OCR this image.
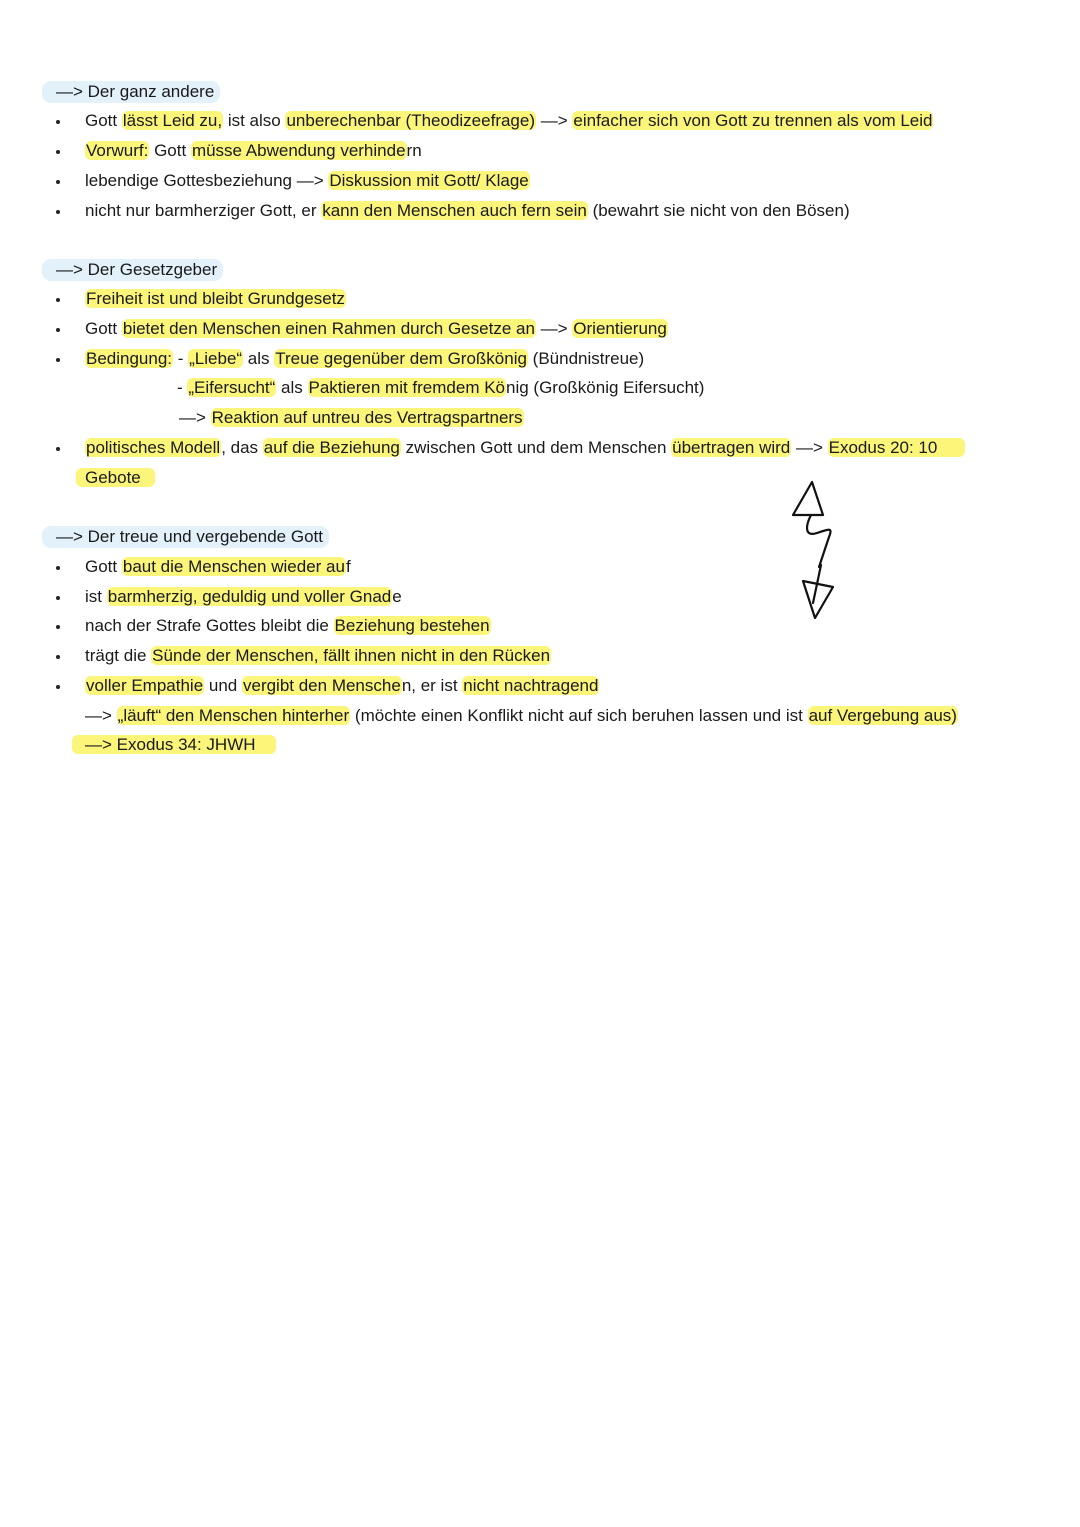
—> Der ganz andere
Gott lässt Leid zu, ist also unberechenbar (Theodizeefrage) —> einfacher sich von Gott zu trennen als vom Leid
Vorwurf: Gott müsse Abwendung verhindern
lebendige Gottesbeziehung —> Diskussion mit Gott/ Klage
nicht nur barmherziger Gott, er kann den Menschen auch fern sein (bewahrt sie nicht von den Bösen)
—> Der Gesetzgeber
Freiheit ist und bleibt Grundgesetz
Gott bietet den Menschen einen Rahmen durch Gesetze an —> Orientierung
Bedingung: - „Liebe“ als Treue gegenüber dem Großkönig (Bündnistreue)
- „Eifersucht“ als Paktieren mit fremdem König (Großkönig Eifersucht)
—> Reaktion auf untreu des Vertragspartners
politisches Modell, das auf die Beziehung zwischen Gott und dem Menschen übertragen wird —> Exodus 20: 10
Gebote
—> Der treue und vergebende Gott
Gott baut die Menschen wieder auf
ist barmherzig, geduldig und voller Gnade
nach der Strafe Gottes bleibt die Beziehung bestehen
trägt die Sünde der Menschen, fällt ihnen nicht in den Rücken
voller Empathie und vergibt den Menschen, er ist nicht nachtragend
—> „läuft“ den Menschen hinterher (möchte einen Konflikt nicht auf sich beruhen lassen und ist auf Vergebung aus)
—> Exodus 34: JHWH
